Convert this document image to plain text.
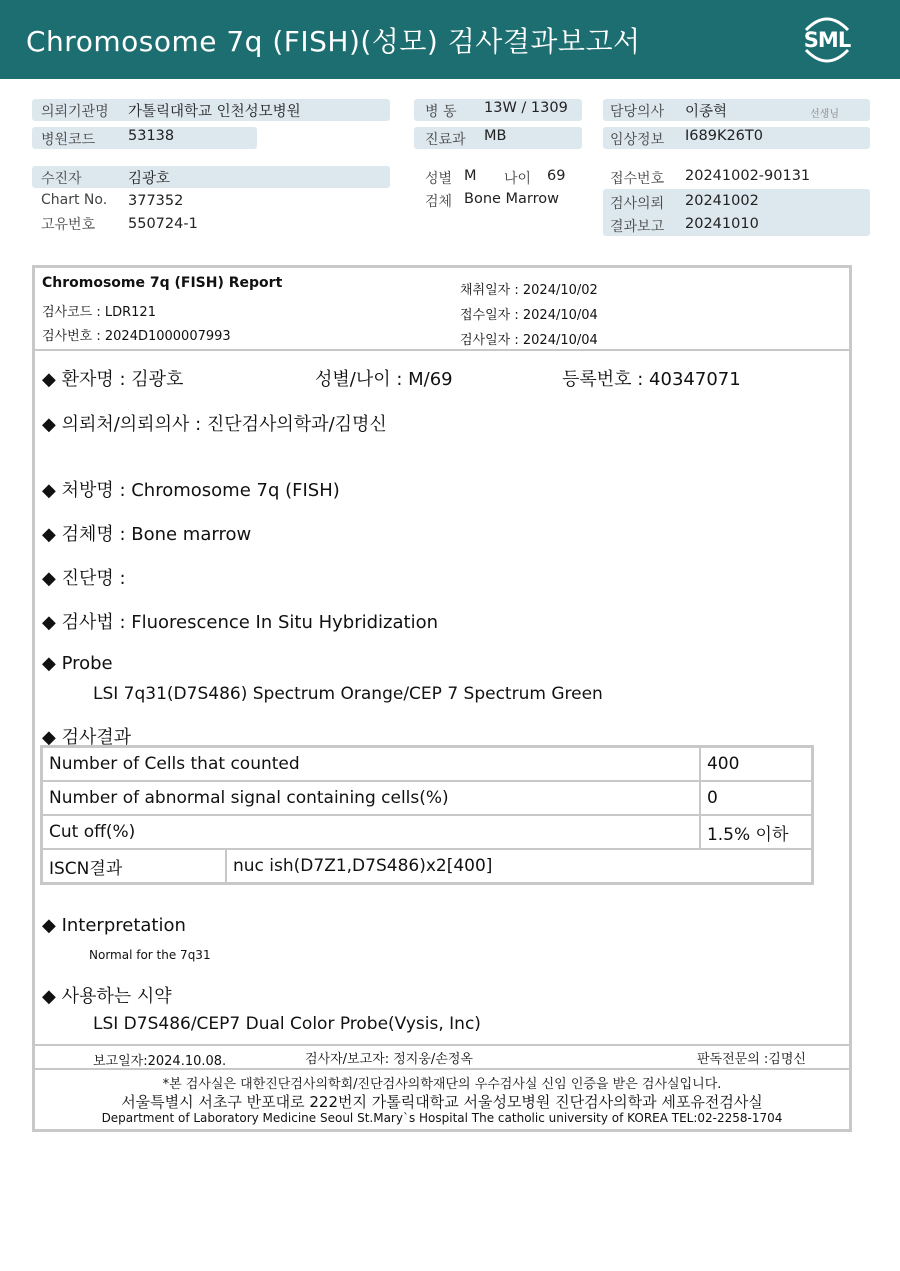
Chromosome 7q (FISH)(성모) 검사결과보고서	SML
의뢰기관명 가톨릭대학교 인천성모병원
병원코드 53138
병 동 13W / 1309
진료과 MB
담당의사 이종혁	선생님
임상정보 I689K26T0
수진자	김광호
Chart No. 377352
고유번호 550724-1
성별 M 나이 69
검체 Bone Marrow
접수번호 20241002-90131
검사의뢰 20241002
결과보고 20241010
Chromosome 7q (FISH) Report
검사코드 : LDR121
검사번호 : 2024D1000007993
채취일자 : 2024/10/02
접수일자 : 2024/10/04
검사일자 : 2024/10/04
◆ 환자명 : 김광호	성별/나이 : M/69	등록번호 : 40347071
◆ 의뢰처/의뢰의사 : 진단검사의학과/김명신
◆ 처방명 : Chromosome 7q (FISH)
◆ 검체명 : Bone marrow
◆ 진단명 :
◆ 검사법 : Fluorescence In Situ Hybridization
◆ Probe
LSI 7q31(D7S486) Spectrum Orange/CEP 7 Spectrum Green
◆ 검사결과
Number of Cells that counted		400
Number of abnormal signal containing cells(%)		0
Cut off(%)		1.5% 이하
ISCN결과	nuc ish(D7Z1,D7S486)x2[400]	
◆ Interpretation
Normal for the 7q31
◆ 사용하는 시약
LSI D7S486/CEP7 Dual Color Probe(Vysis, Inc)
보고일자:2024.10.08.	검사자/보고자: 정지웅/손정옥	판독전문의 :김명신
*본 검사실은 대한진단검사의학회/진단검사의학재단의 우수검사실 신임 인증을 받은 검사실입니다.
서울특별시 서초구 반포대로 222번지 가톨릭대학교 서울성모병원 진단검사의학과 세포유전검사실
Department of Laboratory Medicine Seoul St.Mary`s Hospital The catholic university of KOREA TEL:02-2258-1704
